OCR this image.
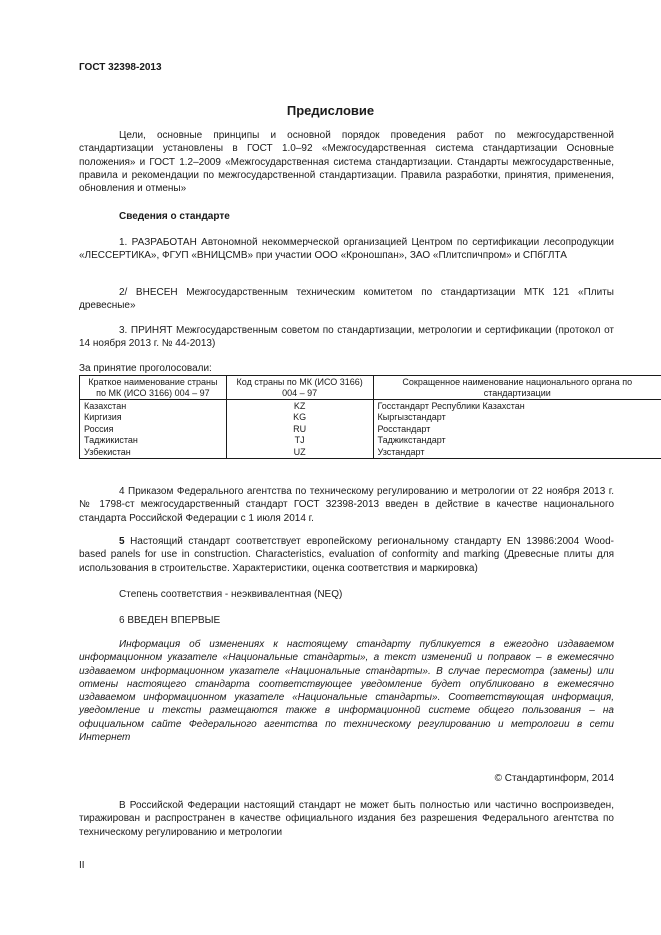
ГОСТ 32398-2013
Предисловие
Цели, основные принципы и основной порядок проведения работ по межгосударственной стандартизации установлены в ГОСТ 1.0–92 «Межгосударственная система стандартизации Основные положения» и ГОСТ 1.2–2009 «Межгосударственная система стандартизации. Стандарты межгосударственные, правила и рекомендации по межгосударственной стандартизации. Правила разработки, принятия, применения, обновления и отмены»
Сведения о стандарте
1. РАЗРАБОТАН Автономной некоммерческой организацией Центром по сертификации лесопродукции «ЛЕССЕРТИКА», ФГУП «ВНИЦСМВ» при участии ООО «Кроношпан», ЗАО «Плитспичпром» и СПбГЛТА
2/ ВНЕСЕН Межгосударственным техническим комитетом по стандартизации МТК 121 «Плиты древесные»
3. ПРИНЯТ Межгосударственным советом по стандартизации, метрологии и сертификации (протокол от 14 ноября 2013 г. № 44-2013)
За принятие проголосовали:
Краткое наименование страны по МК (ИСО 3166) 004 – 97	Код страны по МК (ИСО 3166) 004 – 97	Сокращенное наименование национального органа по стандартизации
Казахстан	KZ	Госстандарт Республики Казахстан
Киргизия	KG	Кыргызстандарт
Россия	RU	Росстандарт
Таджикистан	TJ	Таджикстандарт
Узбекистан	UZ	Узстандарт
4 Приказом Федерального агентства по техническому регулированию и метрологии от 22 ноября 2013 г. № 1798-ст межгосударственный стандарт ГОСТ 32398-2013 введен в действие в качестве национального стандарта Российской Федерации с 1 июля 2014 г.
5 Настоящий стандарт соответствует европейскому региональному стандарту EN 13986:2004 Wood-based panels for use in construction. Characteristics, evaluation of conformity and marking (Древесные плиты для использования в строительстве. Характеристики, оценка соответствия и маркировка)
Степень соответствия - неэквивалентная (NEQ)
6 ВВЕДЕН ВПЕРВЫЕ
Информация об изменениях к настоящему стандарту публикуется в ежегодно издаваемом информационном указателе «Национальные стандарты», а текст изменений и поправок – в ежемесячно издаваемом информационном указателе «Национальные стандарты». В случае пересмотра (замены) или отмены настоящего стандарта соответствующее уведомление будет опубликовано в ежемесячно издаваемом информационном указателе «Национальные стандарты». Соответствующая информация, уведомление и тексты размещаются также в информационной системе общего пользования – на официальном сайте Федерального агентства по техническому регулированию и метрологии в сети Интернет
© Стандартинформ, 2014
В Российской Федерации настоящий стандарт не может быть полностью или частично воспроизведен, тиражирован и распространен в качестве официального издания без разрешения Федерального агентства по техническому регулированию и метрологии
II
